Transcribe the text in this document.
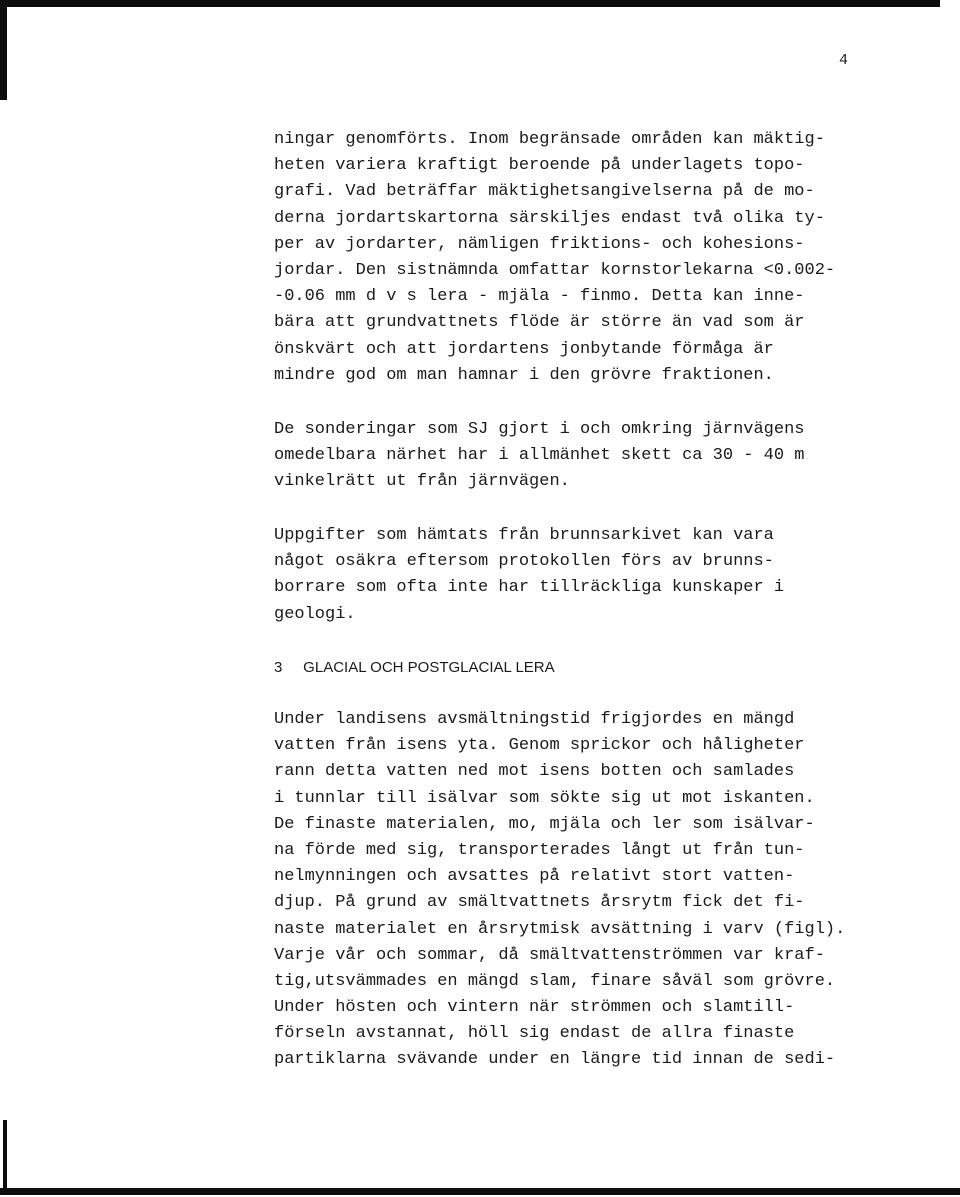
4
ningar genomförts. Inom begränsade områden kan mäktig-
heten variera kraftigt beroende på underlagets topo-
grafi. Vad beträffar mäktighetsangivelserna på de mo-
derna jordartskartorna särskiljes endast två olika ty-
per av jordarter, nämligen friktions- och kohesions-
jordar. Den sistnämnda omfattar kornstorlekarna <0.002-
-0.06 mm d v s lera - mjäla - finmo. Detta kan inne-
bära att grundvattnets flöde är större än vad som är
önskvärt och att jordartens jonbytande förmåga är
mindre god om man hamnar i den grövre fraktionen.
De sonderingar som SJ gjort i och omkring järnvägens
omedelbara närhet har i allmänhet skett ca 30 - 40 m
vinkelrätt ut från järnvägen.
Uppgifter som hämtats från brunnsarkivet kan vara
något osäkra eftersom protokollen förs av brunns-
borrare som ofta inte har tillräckliga kunskaper i
geologi.
3     GLACIAL OCH POSTGLACIAL LERA
Under landisens avsmältningstid frigjordes en mängd
vatten från isens yta. Genom sprickor och håligheter
rann detta vatten ned mot isens botten och samlades
i tunnlar till isälvar som sökte sig ut mot iskanten.
De finaste materialen, mo, mjäla och ler som isälvar-
na förde med sig, transporterades långt ut från tun-
nelmynningen och avsattes på relativt stort vatten-
djup. På grund av smältvattnets årsrytm fick det fi-
naste materialet en årsrytmisk avsättning i varv (figl).
Varje vår och sommar, då smältvattenströmmen var kraf-
tig,utsvämmades en mängd slam, finare såväl som grövre.
Under hösten och vintern när strömmen och slamtill-
förseln avstannat, höll sig endast de allra finaste
partiklarna svävande under en längre tid innan de sedi-
